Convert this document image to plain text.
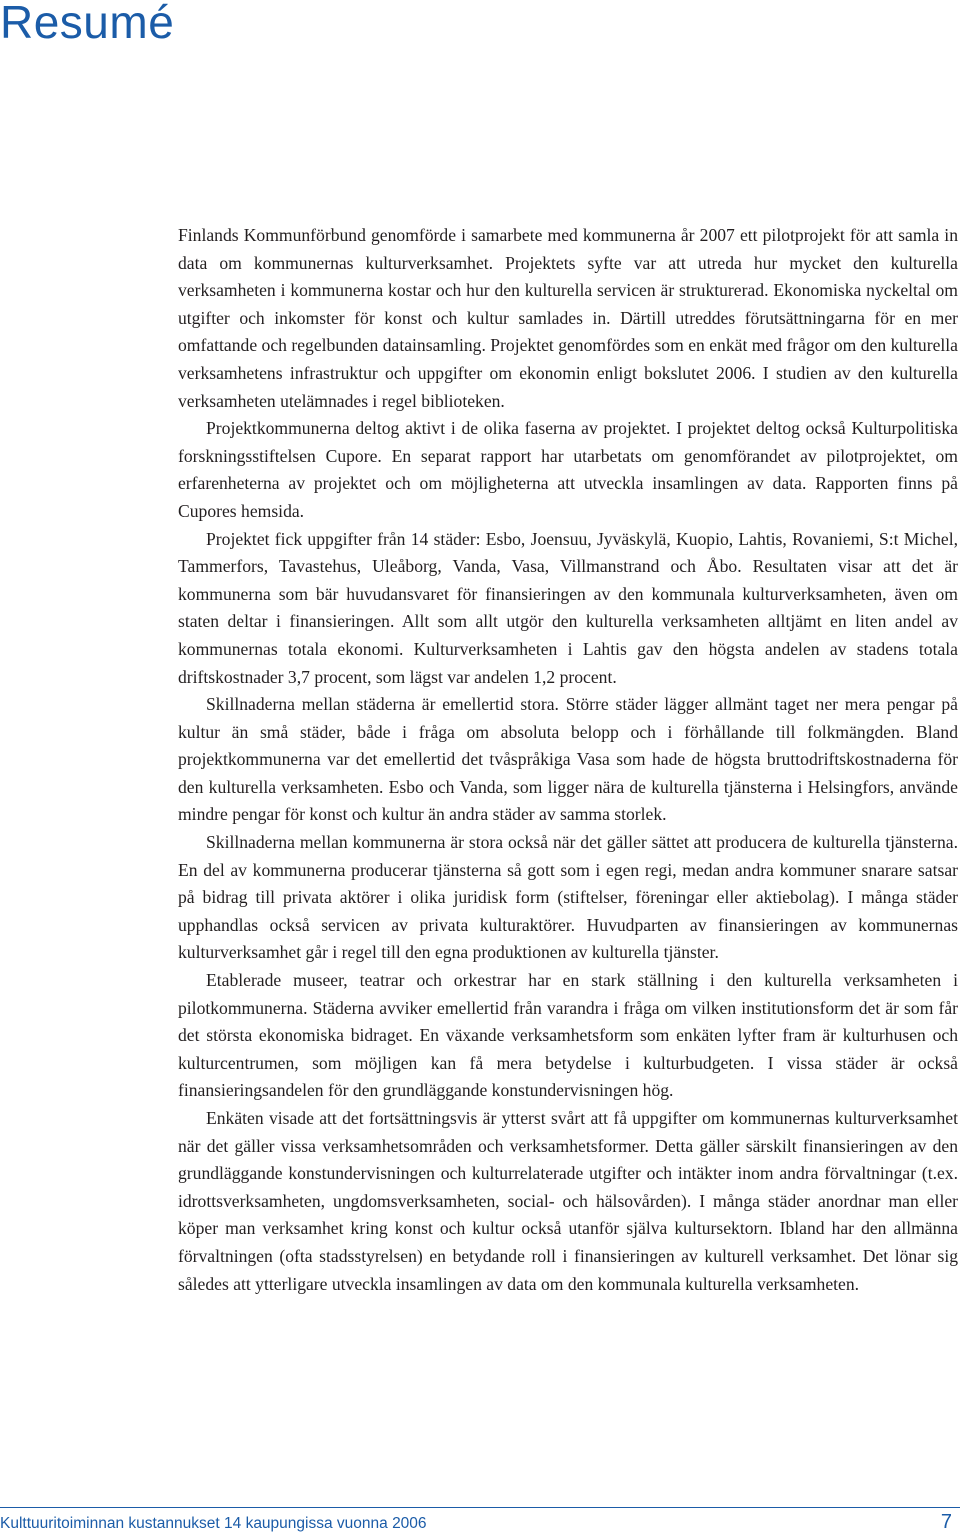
Resumé

Finlands Kommunförbund genomförde i samarbete med kommunerna år 2007 ett pilotprojekt för att samla in data om kommunernas kulturverksamhet. Projektets syfte var att utreda hur mycket den kulturella verksamheten i kommunerna kostar och hur den kulturella servicen är strukturerad. Ekonomiska nyckeltal om utgifter och inkomster för konst och kultur samlades in. Därtill utreddes förutsättningarna för en mer omfattande och regelbunden datainsamling. Projektet genomfördes som en enkät med frågor om den kulturella verksamhetens infrastruktur och uppgifter om ekonomin enligt bokslutet 2006. I studien av den kulturella verksamheten utelämnades i regel biblioteken.

Projektkommunerna deltog aktivt i de olika faserna av projektet. I projektet deltog också Kulturpolitiska forskningsstiftelsen Cupore. En separat rapport har utarbetats om genomförandet av pilotprojektet, om erfarenheterna av projektet och om möjligheterna att utveckla insamlingen av data. Rapporten finns på Cupores hemsida.

Projektet fick uppgifter från 14 städer: Esbo, Joensuu, Jyväskylä, Kuopio, Lahtis, Rovaniemi, S:t Michel, Tammerfors, Tavastehus, Uleåborg, Vanda, Vasa, Villmanstrand och Åbo. Resultaten visar att det är kommunerna som bär huvudansvaret för finansieringen av den kommunala kulturverksamheten, även om staten deltar i finansieringen. Allt som allt utgör den kulturella verksamheten alltjämt en liten andel av kommunernas totala ekonomi. Kulturverksamheten i Lahtis gav den högsta andelen av stadens totala driftskostnader 3,7 procent, som lägst var andelen 1,2 procent.

Skillnaderna mellan städerna är emellertid stora. Större städer lägger allmänt taget ner mera pengar på kultur än små städer, både i fråga om absoluta belopp och i förhållande till folkmängden. Bland projektkommunerna var det emellertid det tvåspråkiga Vasa som hade de högsta bruttodriftskostnaderna för den kulturella verksamheten. Esbo och Vanda, som ligger nära de kulturella tjänsterna i Helsingfors, använde mindre pengar för konst och kultur än andra städer av samma storlek.

Skillnaderna mellan kommunerna är stora också när det gäller sättet att producera de kulturella tjänsterna. En del av kommunerna producerar tjänsterna så gott som i egen regi, medan andra kommuner snarare satsar på bidrag till privata aktörer i olika juridisk form (stiftelser, föreningar eller aktiebolag). I många städer upphandlas också servicen av privata kulturaktörer. Huvudparten av finansieringen av kommunernas kulturverksamhet går i regel till den egna produktionen av kulturella tjänster.

Etablerade museer, teatrar och orkestrar har en stark ställning i den kulturella verksamheten i pilotkommunerna. Städerna avviker emellertid från varandra i fråga om vilken institutionsform det är som får det största ekonomiska bidraget. En växande verksamhetsform som enkäten lyfter fram är kulturhusen och kulturcentrumen, som möjligen kan få mera betydelse i kulturbudgeten. I vissa städer är också finansieringsandelen för den grundläggande konstundervisningen hög.

Enkäten visade att det fortsättningsvis är ytterst svårt att få uppgifter om kommunernas kulturverksamhet när det gäller vissa verksamhetsområden och verksamhetsformer. Detta gäller särskilt finansieringen av den grundläggande konstundervisningen och kulturrelaterade utgifter och intäkter inom andra förvaltningar (t.ex. idrottsverksamheten, ungdomsverksamheten, social- och hälsovården). I många städer anordnar man eller köper man verksamhet kring konst och kultur också utanför själva kultursektorn. Ibland har den allmänna förvaltningen (ofta stadsstyrelsen) en betydande roll i finansieringen av kulturell verksamhet. Det lönar sig således att ytterligare utveckla insamlingen av data om den kommunala kulturella verksamheten.

Kulttuuritoiminnan kustannukset 14 kaupungissa vuonna 2006	7
